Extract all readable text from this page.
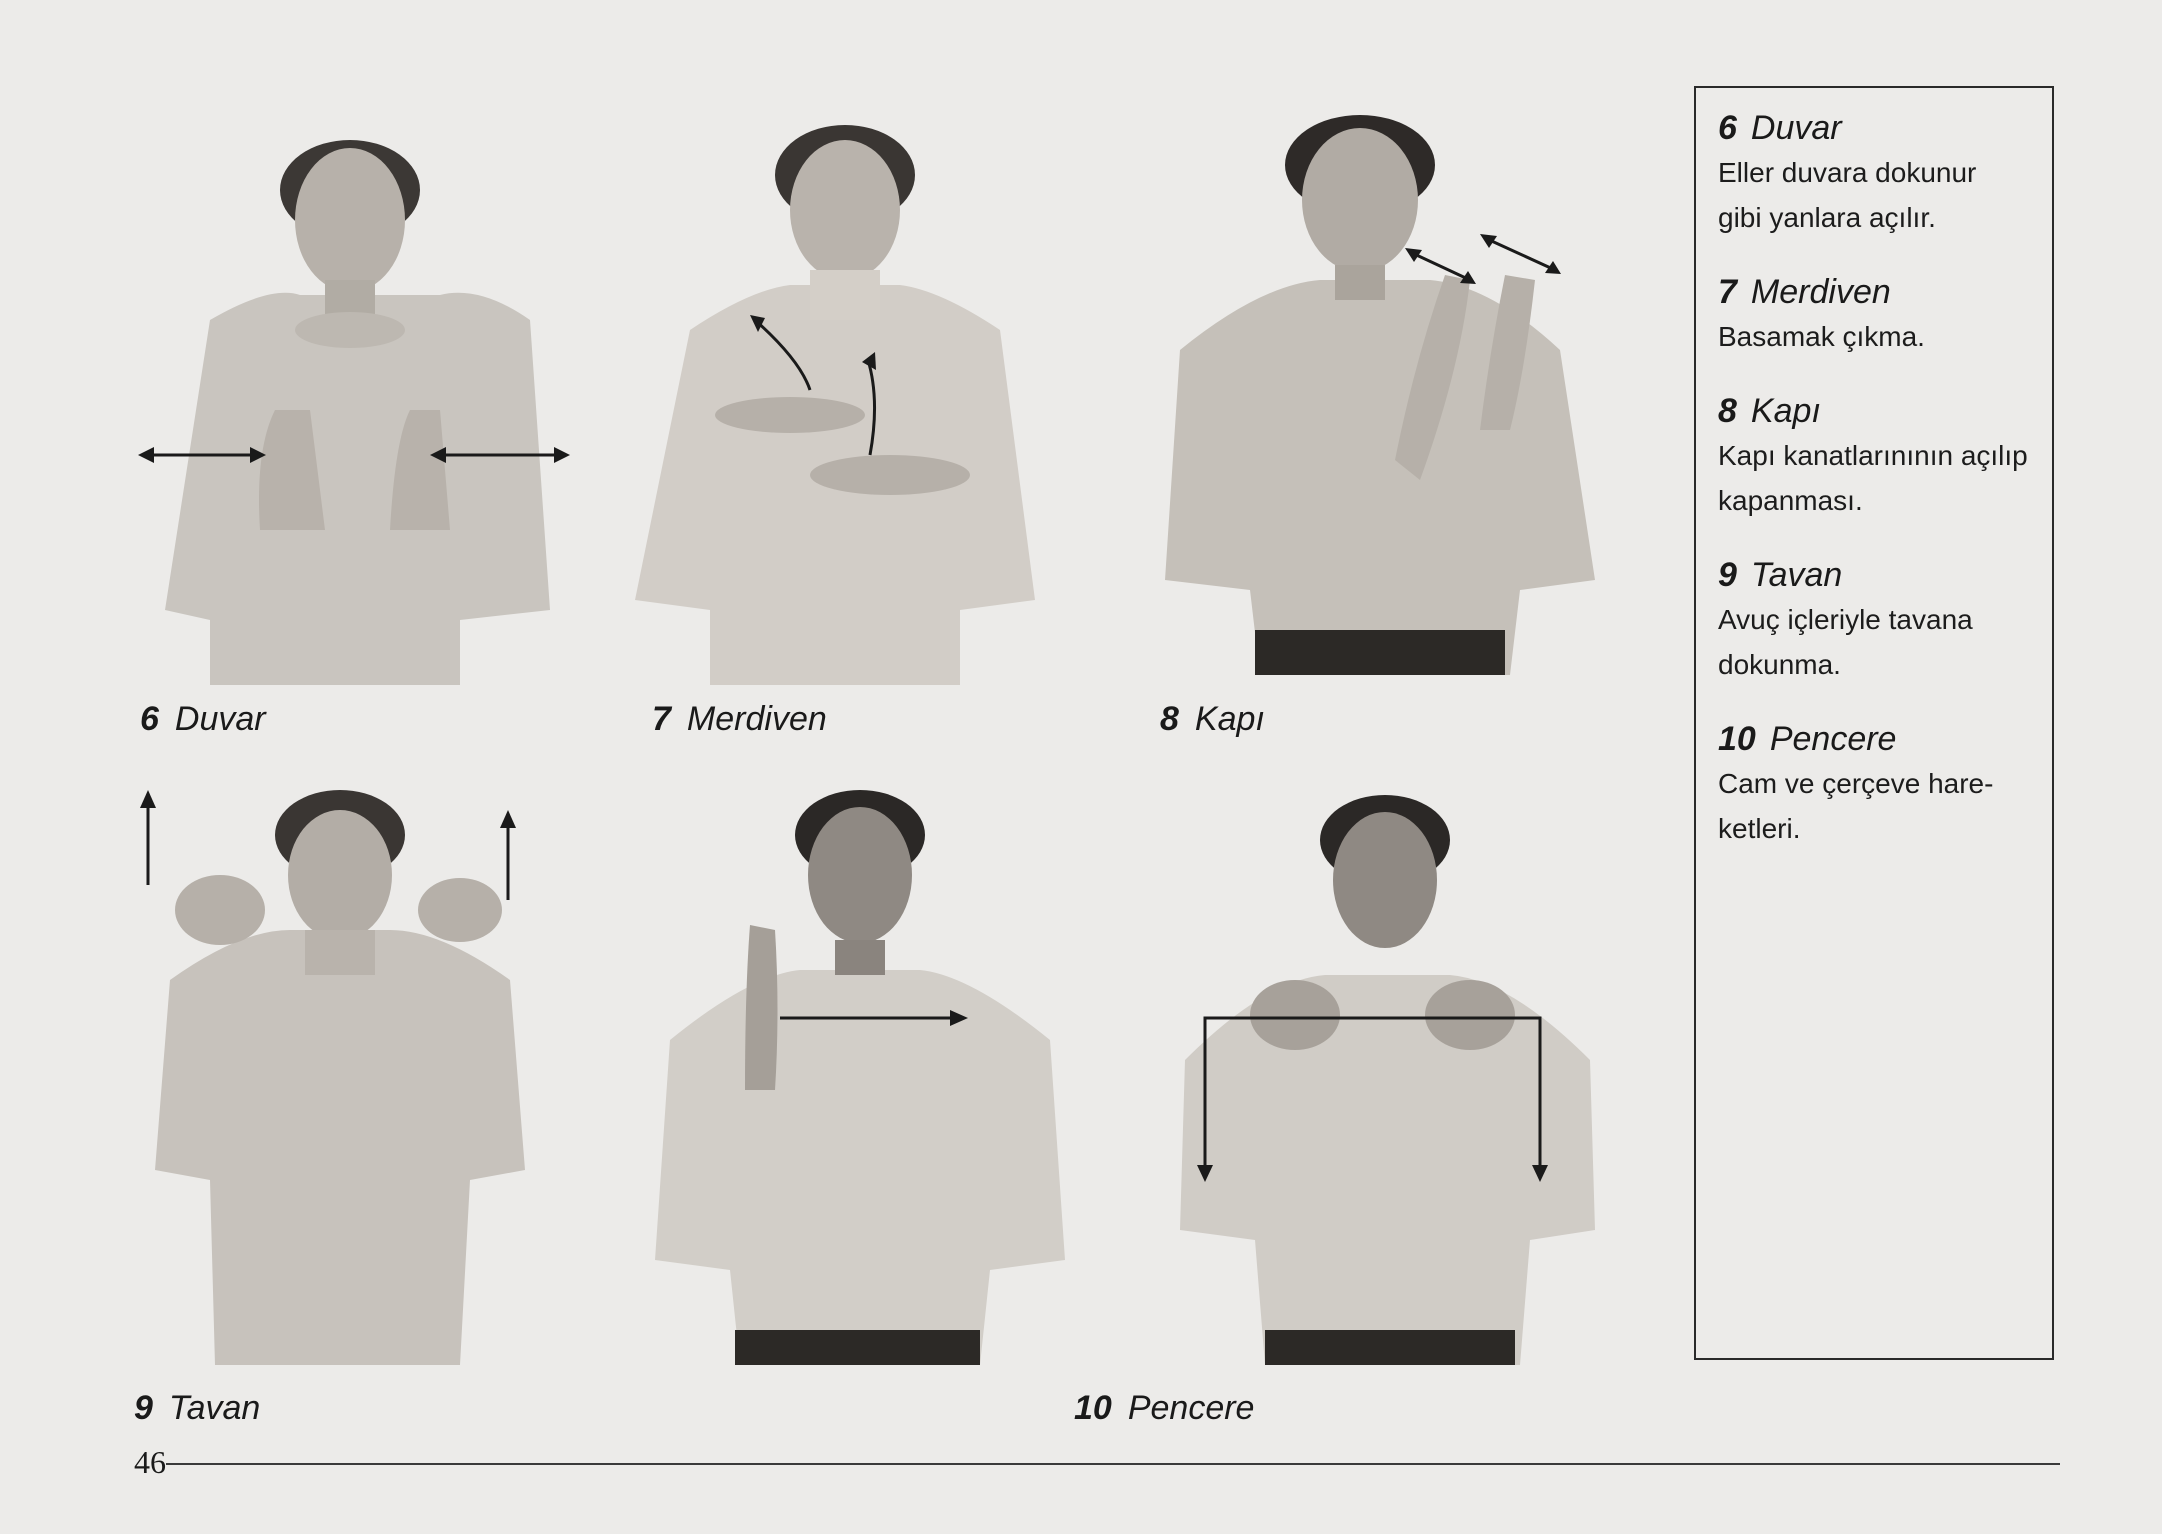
6 Duvar	7 Merdiven	8 Kapı
9 Tavan	10 Pencere
6 Duvar
Eller duvara dokunur
gibi yanlara açılır.
7 Merdiven
Basamak çıkma.
8 Kapı
Kapı kanatlarınının açılıp
kapanması.
9 Tavan
Avuç içleriyle tavana
dokunma.
10 Pencere
Cam ve çerçeve hare-
ketleri.
46
